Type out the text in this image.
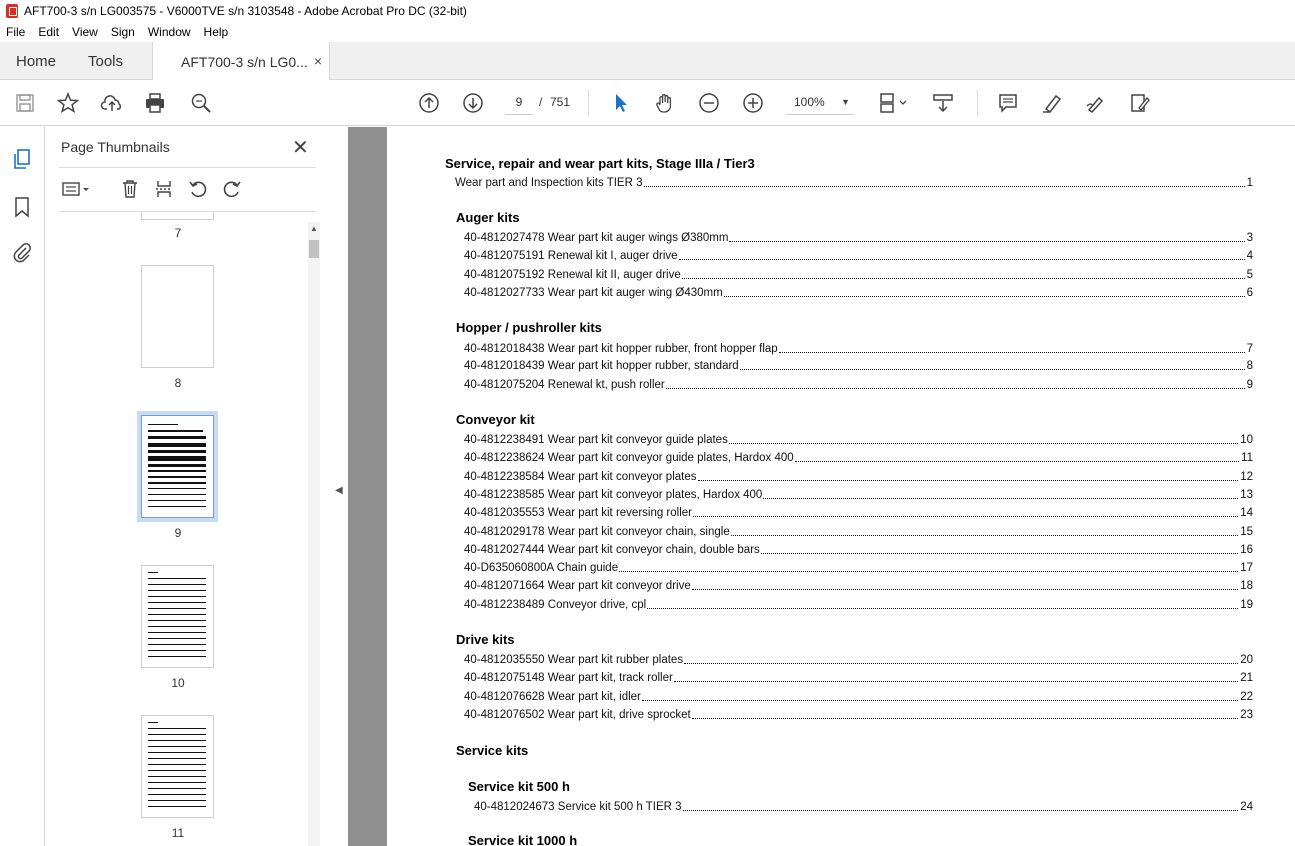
AFT700-3 s/n LG003575 - V6000TVE s/n 3103548 - Adobe Acrobat Pro DC (32-bit)
File Edit View Sign Window Help
Home Tools	AFT700-3 s/n LG0... ×
9	/ 751	100% ▼
Page Thumbnails	✕
7
8
9
10
11
▲
◀
Service, repair and wear part kits, Stage IIIa / Tier3
Wear part and Inspection kits TIER 3	1
Auger kits
40-4812027478 Wear part kit auger wings Ø380mm	3
40-4812075191 Renewal kit I, auger drive	4
40-4812075192 Renewal kit II, auger drive	5
40-4812027733 Wear part kit auger wing Ø430mm	6
Hopper / pushroller kits
40-4812018438 Wear part kit hopper rubber, front hopper flap	7
40-4812018439 Wear part kit hopper rubber, standard	8
40-4812075204 Renewal kt, push roller	9
Conveyor kit
40-4812238491 Wear part kit conveyor guide plates	10
40-4812238624 Wear part kit conveyor guide plates, Hardox 400	11
40-4812238584 Wear part kit conveyor plates	12
40-4812238585 Wear part kit conveyor plates, Hardox 400	13
40-4812035553 Wear part kit reversing roller	14
40-4812029178 Wear part kit conveyor chain, single	15
40-4812027444 Wear part kit conveyor chain, double bars	16
40-D635060800A Chain guide	17
40-4812071664 Wear part kit conveyor drive	18
40-4812238489 Conveyor drive, cpl	19
Drive kits
40-4812035550 Wear part kit rubber plates	20
40-4812075148 Wear part kit, track roller	21
40-4812076628 Wear part kit, idler	22
40-4812076502 Wear part kit, drive sprocket	23
Service kits
Service kit 500 h
40-4812024673 Service kit 500 h TIER 3	24
Service kit 1000 h
